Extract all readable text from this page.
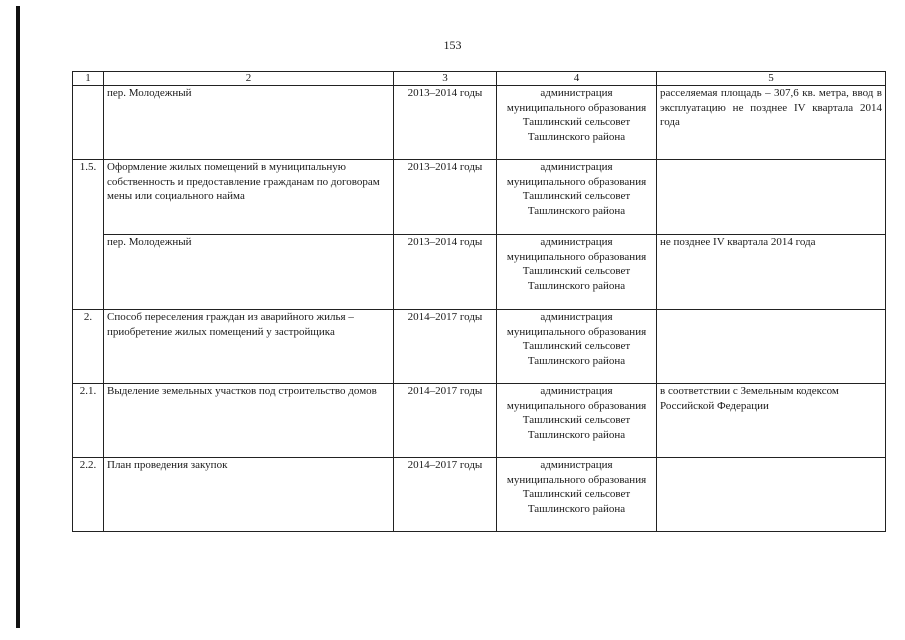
153
1	2	3	4	5
	пер. Молодежный	2013–2014 годы	администрация муниципального образования Ташлинский сельсовет Ташлинского района	расселяемая площадь – 307,6 кв. метра, ввод в эксплуатацию не позднее IV квартала 2014 года
1.5.	Оформление жилых помещений в муниципальную собственность и предоставление гражданам по договорам мены или социального найма	2013–2014 годы	администрация муниципального образования Ташлинский сельсовет Ташлинского района	
	пер. Молодежный	2013–2014 годы	администрация муниципального образования Ташлинский сельсовет Ташлинского района	не позднее IV квартала 2014 года
2.	Способ переселения граждан из аварийного жилья – приобретение жилых помещений у застройщика	2014–2017 годы	администрация муниципального образования Ташлинский сельсовет Ташлинского района	
2.1.	Выделение земельных участков под строительство домов	2014–2017 годы	администрация муниципального образования Ташлинский сельсовет Ташлинского района	в соответствии с Земельным кодексом Российской Федерации
2.2.	План проведения закупок	2014–2017 годы	администрация муниципального образования Ташлинский сельсовет Ташлинского района	
